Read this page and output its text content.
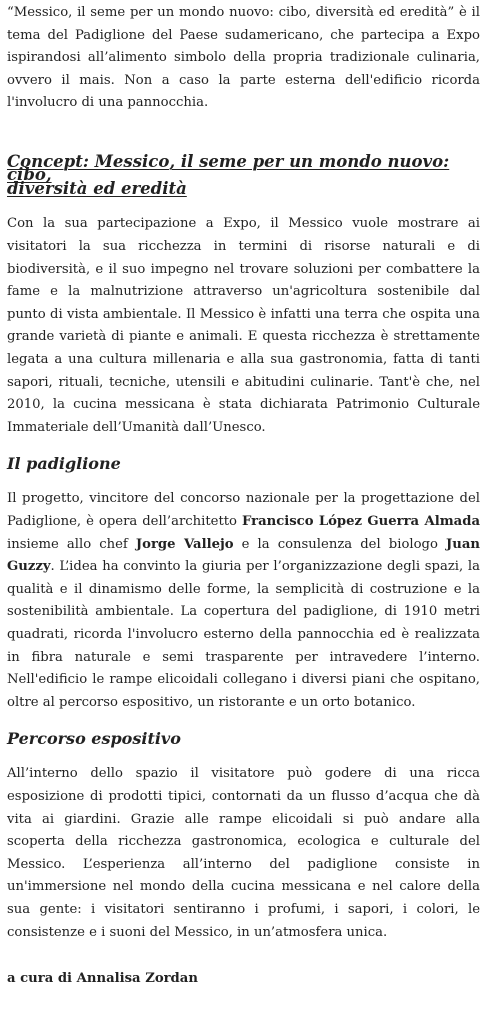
“Messico, il seme per un mondo nuovo: cibo, diversità ed eredità” è il tema del Padiglione del Paese sudamericano, che partecipa a Expo ispirandosi all’alimento simbolo della propria tradizionale culinaria, ovvero il mais. Non a caso la parte esterna dell'edificio ricorda l'involucro di una pannocchia.

Concept: Messico, il seme per un mondo nuovo: cibo,
diversità ed eredità

Con la sua partecipazione a Expo, il Messico vuole mostrare ai visitatori la sua ricchezza in termini di risorse naturali e di biodiversità, e il suo impegno nel trovare soluzioni per combattere la fame e la malnutrizione attraverso un'agricoltura sostenibile dal punto di vista ambientale. Il Messico è infatti una terra che ospita una grande varietà di piante e animali. E questa ricchezza è strettamente legata a una cultura millenaria e alla sua gastronomia, fatta di tanti sapori, rituali, tecniche, utensili e abitudini culinarie. Tant'è che, nel 2010, la cucina messicana è stata dichiarata Patrimonio Culturale Immateriale dell’Umanità dall’Unesco.

Il padiglione

Il progetto, vincitore del concorso nazionale per la progettazione del Padiglione, è opera dell’architetto Francisco López Guerra Almada insieme allo chef Jorge Vallejo e la consulenza del biologo Juan Guzzy. L’idea ha convinto la giuria per l’organizzazione degli spazi, la qualità e il dinamismo delle forme, la semplicità di costruzione e la sostenibilità ambientale. La copertura del padiglione, di 1910 metri quadrati, ricorda l'involucro esterno della pannocchia ed è realizzata in fibra naturale e semi trasparente per intravedere l’interno. Nell'edificio le rampe elicoidali collegano i diversi piani che ospitano, oltre al percorso espositivo, un ristorante e un orto botanico.

Percorso espositivo

All’interno dello spazio il visitatore può godere di una ricca esposizione di prodotti tipici, contornati da un flusso d’acqua che dà vita ai giardini. Grazie alle rampe elicoidali si può andare alla scoperta della ricchezza gastronomica, ecologica e culturale del Messico. L’esperienza all’interno del padiglione consiste in un'immersione nel mondo della cucina messicana e nel calore della sua gente: i visitatori sentiranno i profumi, i sapori, i colori, le consistenze e i suoni del Messico, in un’atmosfera unica.

a cura di Annalisa Zordan
